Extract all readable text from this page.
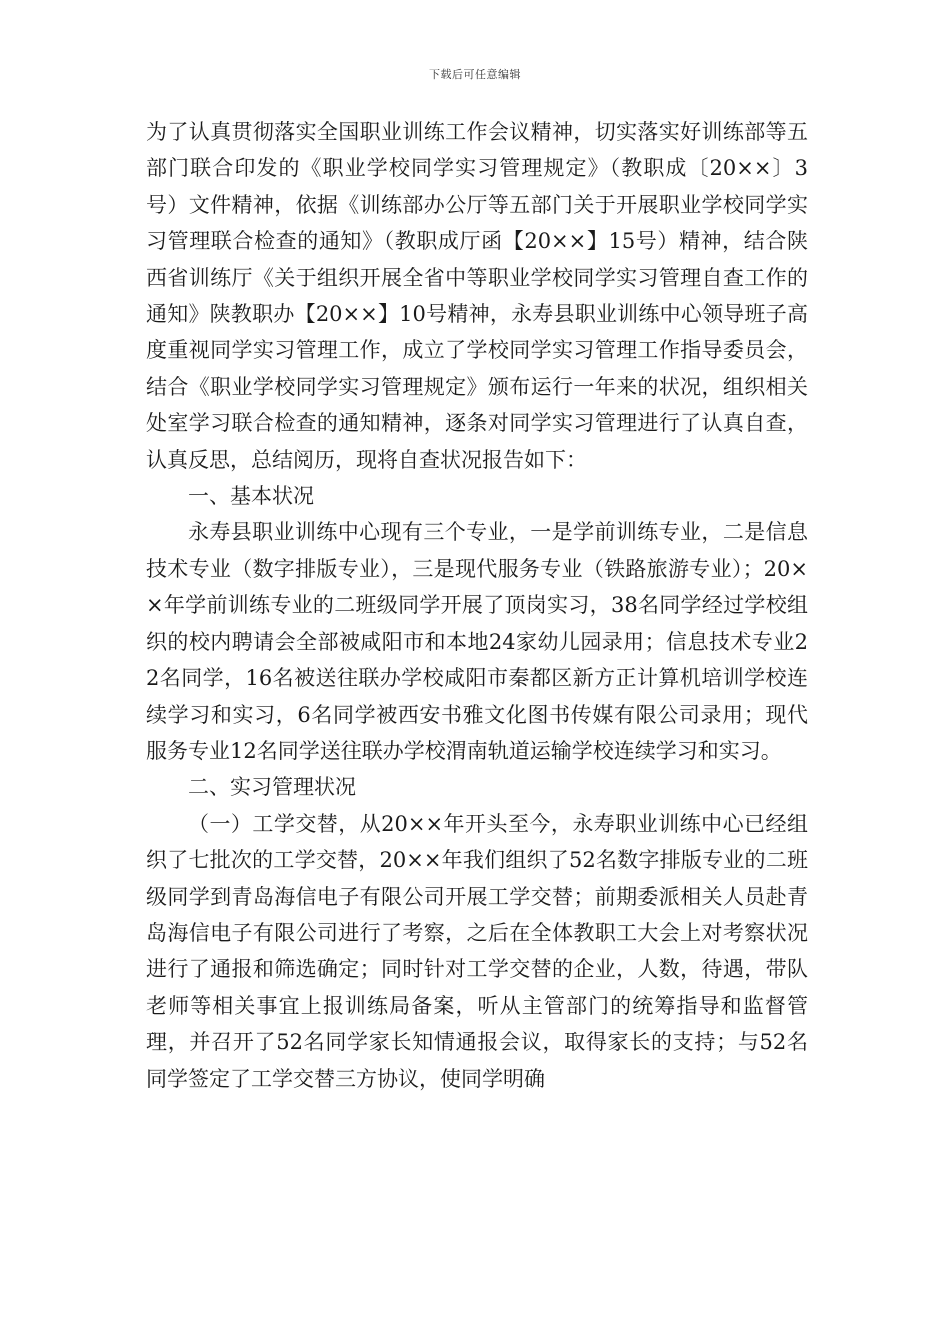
下载后可任意编辑

为了认真贯彻落实全国职业训练工作会议精神，切实落实好训练部等五部门联合印发的《职业学校同学实习管理规定》（教职成〔20××〕3号）文件精神，依据《训练部办公厅等五部门关于开展职业学校同学实习管理联合检查的通知》（教职成厅函【20××】15号）精神，结合陕西省训练厅《关于组织开展全省中等职业学校同学实习管理自查工作的通知》陕教职办【20××】10号精神，永寿县职业训练中心领导班子高度重视同学实习管理工作，成立了学校同学实习管理工作指导委员会，结合《职业学校同学实习管理规定》颁布运行一年来的状况，组织相关处室学习联合检查的通知精神，逐条对同学实习管理进行了认真自查，认真反思，总结阅历，现将自查状况报告如下：

一、基本状况

永寿县职业训练中心现有三个专业，一是学前训练专业，二是信息技术专业（数字排版专业），三是现代服务专业（铁路旅游专业）；20××年学前训练专业的二班级同学开展了顶岗实习，38名同学经过学校组织的校内聘请会全部被咸阳市和本地24家幼儿园录用；信息技术专业22名同学，16名被送往联办学校咸阳市秦都区新方正计算机培训学校连续学习和实习，6名同学被西安书雅文化图书传媒有限公司录用；现代服务专业12名同学送往联办学校渭南轨道运输学校连续学习和实习。

二、实习管理状况

（一）工学交替，从20××年开头至今，永寿职业训练中心已经组织了七批次的工学交替，20××年我们组织了52名数字排版专业的二班级同学到青岛海信电子有限公司开展工学交替；前期委派相关人员赴青岛海信电子有限公司进行了考察，之后在全体教职工大会上对考察状况进行了通报和筛选确定；同时针对工学交替的企业，人数，待遇，带队老师等相关事宜上报训练局备案，听从主管部门的统筹指导和监督管理，并召开了52名同学家长知情通报会议，取得家长的支持；与52名同学签定了工学交替三方协议，使同学明确
